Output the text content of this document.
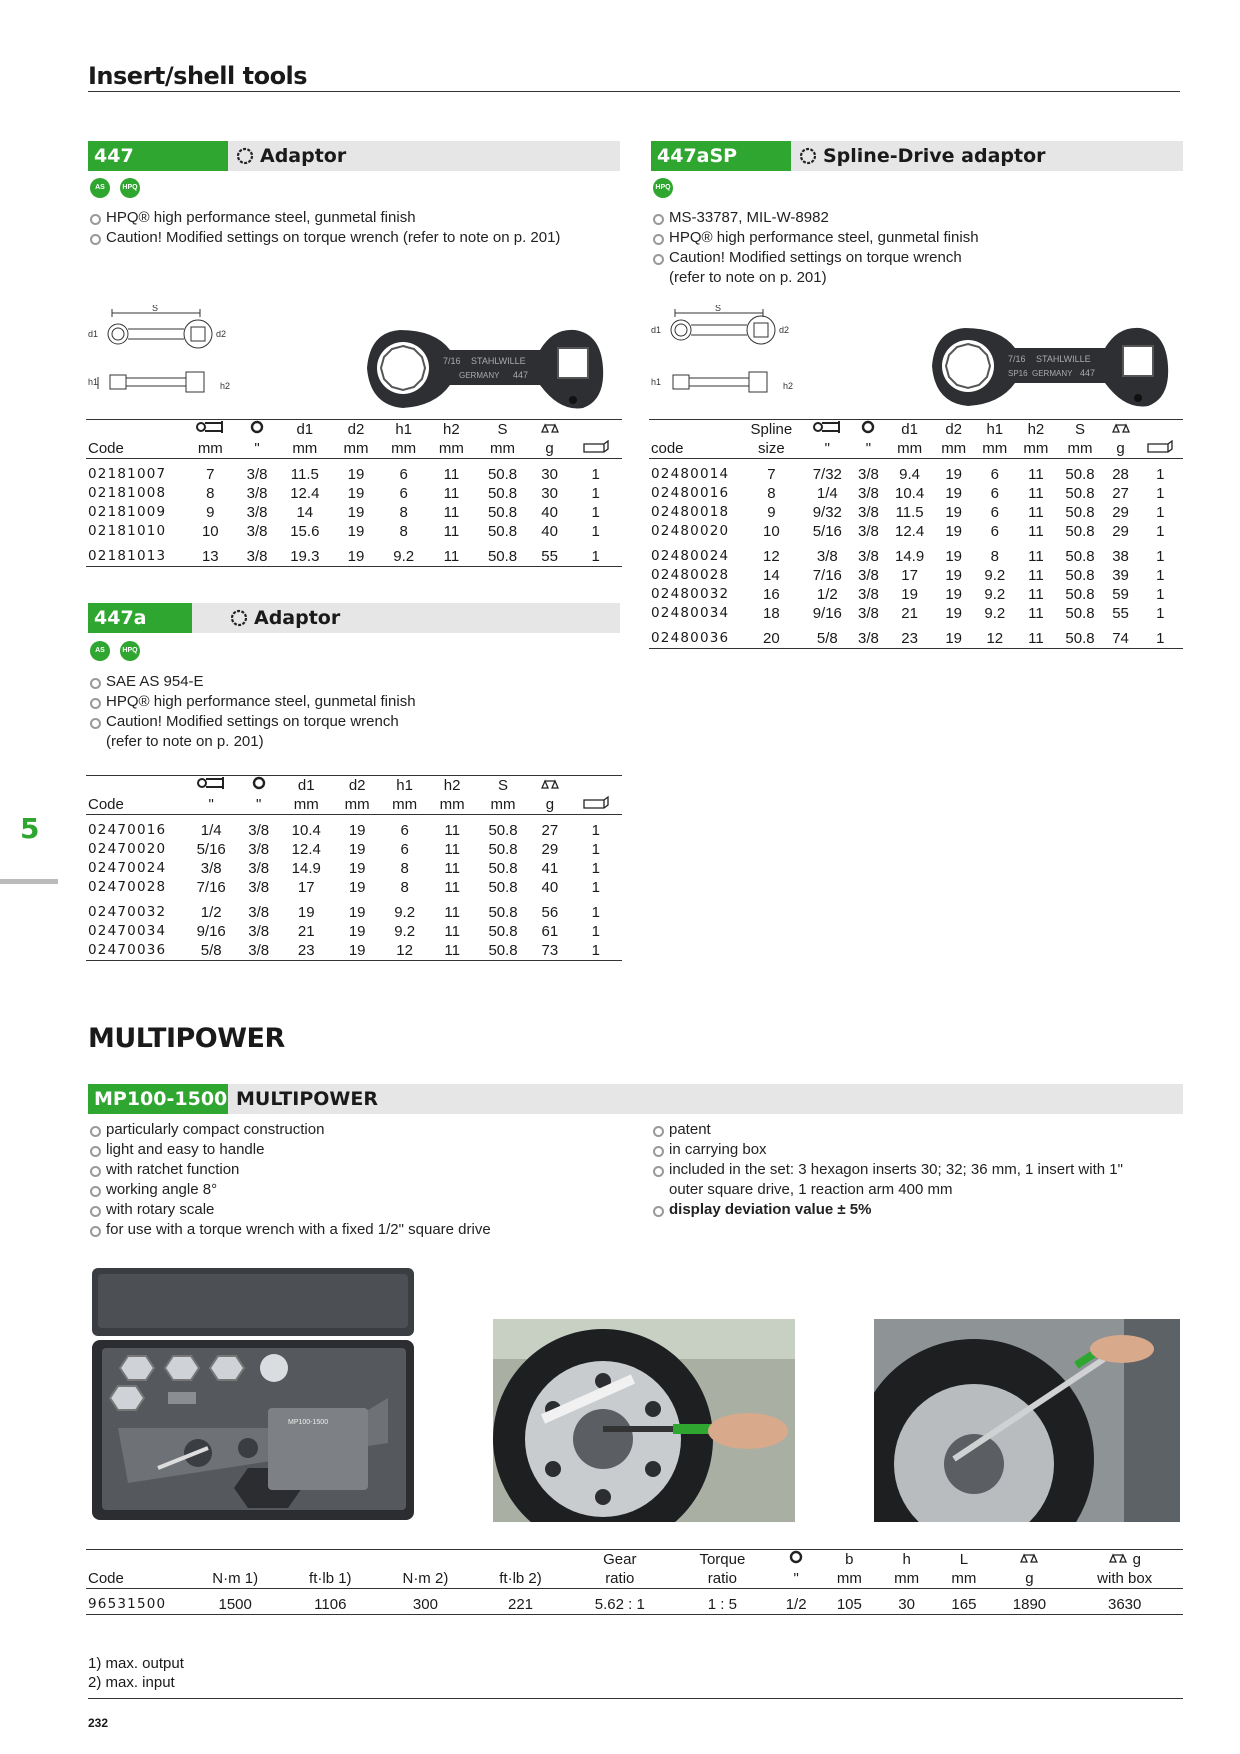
Insert/shell tools
5
447	Adaptor
AS	HPQ
HPQ® high performance steel, gunmetal finish
Caution! Modified settings on torque wrench (refer to note on p. 201)
S
d1	d2
h1	h2
7/16 STAHLWILLE
GERMANY 447
			d1	d2	h1	h2	S		
Code	mm	"	mm	mm	mm	mm	mm	g	
02181007	7	3/8	11.5	19	6	11	50.8	30	1
02181008	8	3/8	12.4	19	6	11	50.8	30	1
02181009	9	3/8	14	19	8	11	50.8	40	1
02181010	10	3/8	15.6	19	8	11	50.8	40	1
02181013	13	3/8	19.3	19	9.2	11	50.8	55	1
447a	Adaptor
AS	HPQ
SAE AS 954-E
HPQ® high performance steel, gunmetal finish
Caution! Modified settings on torque wrench
(refer to note on p. 201)
			d1	d2	h1	h2	S		
Code	"	"	mm	mm	mm	mm	mm	g	
02470016	1/4	3/8	10.4	19	6	11	50.8	27	1
02470020	5/16	3/8	12.4	19	6	11	50.8	29	1
02470024	3/8	3/8	14.9	19	8	11	50.8	41	1
02470028	7/16	3/8	17	19	8	11	50.8	40	1
02470032	1/2	3/8	19	19	9.2	11	50.8	56	1
02470034	9/16	3/8	21	19	9.2	11	50.8	61	1
02470036	5/8	3/8	23	19	12	11	50.8	73	1
447aSP	Spline-Drive adaptor
HPQ
MS-33787, MIL-W-8982
HPQ® high performance steel, gunmetal finish
Caution! Modified settings on torque wrench
(refer to note on p. 201)
S
d1	d2
h1	h2
7/16 STAHLWILLE
SP16 GERMANY 447
	Spline			d1	d2	h1	h2	S		
code	size	"	"	mm	mm	mm	mm	mm	g	
02480014	7	7/32	3/8	9.4	19	6	11	50.8	28	1
02480016	8	1/4	3/8	10.4	19	6	11	50.8	27	1
02480018	9	9/32	3/8	11.5	19	6	11	50.8	29	1
02480020	10	5/16	3/8	12.4	19	6	11	50.8	29	1
02480024	12	3/8	3/8	14.9	19	8	11	50.8	38	1
02480028	14	7/16	3/8	17	19	9.2	11	50.8	39	1
02480032	16	1/2	3/8	19	19	9.2	11	50.8	59	1
02480034	18	9/16	3/8	21	19	9.2	11	50.8	55	1
02480036	20	5/8	3/8	23	19	12	11	50.8	74	1
MULTIPOWER
MP100-1500 MULTIPOWER
particularly compact construction
light and easy to handle
with ratchet function
working angle 8°
with rotary scale
for use with a torque wrench with a fixed 1/2" square drive
patent
in carrying box
included in the set: 3 hexagon inserts 30; 32; 36 mm, 1 insert with 1"
outer square drive, 1 reaction arm 400 mm
display deviation value ± 5%
MP100-1500
					Gear	Torque		b	h	L		g
Code	N·m 1)	ft·lb 1)	N·m 2)	ft·lb 2)	ratio	ratio	"	mm	mm	mm	g	with box
96531500	1500	1106	300	221	5.62 : 1	1 : 5	1/2	105	30	165	1890	3630
1) max. output
2) max. input
232
